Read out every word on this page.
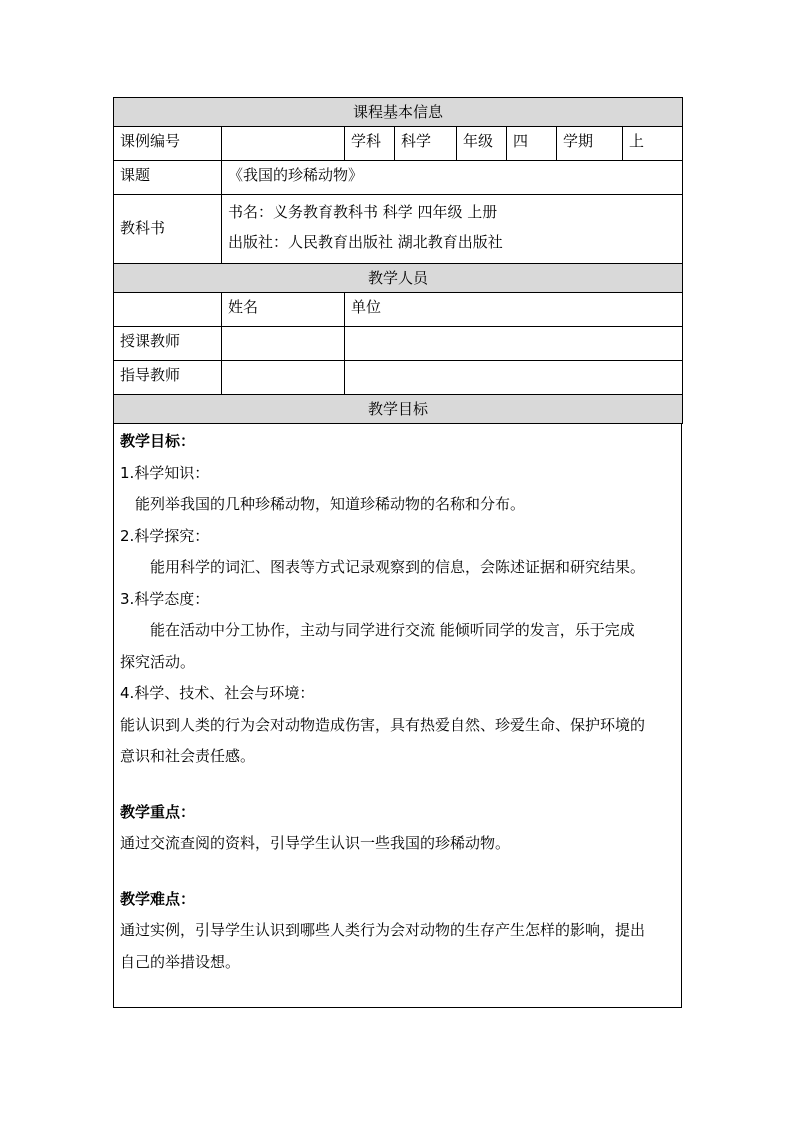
课程基本信息							
课例编号		学科	科学	年级	四	学期	上
课题	《我国的珍稀动物》						
教科书	书名：义务教育教科书 科学 四年级 上册
出版社：人民教育出版社 湖北教育出版社						

教学人员							
	姓名	单位					
授课教师							
指导教师							
教学目标							

教学目标：

1.科学知识：

能列举我国的几种珍稀动物，知道珍稀动物的名称和分布。

2.科学探究：

能用科学的词汇、图表等方式记录观察到的信息，会陈述证据和研究结果。

3.科学态度：

能在活动中分工协作，主动与同学进行交流 能倾听同学的发言，乐于完成

探究活动。

4.科学、技术、社会与环境：

能认识到人类的行为会对动物造成伤害，具有热爱自然、珍爱生命、保护环境的

意识和社会责任感。

教学重点：

通过交流查阅的资料，引导学生认识一些我国的珍稀动物。

教学难点：

通过实例，引导学生认识到哪些人类行为会对动物的生存产生怎样的影响，提出

自己的举措设想。
